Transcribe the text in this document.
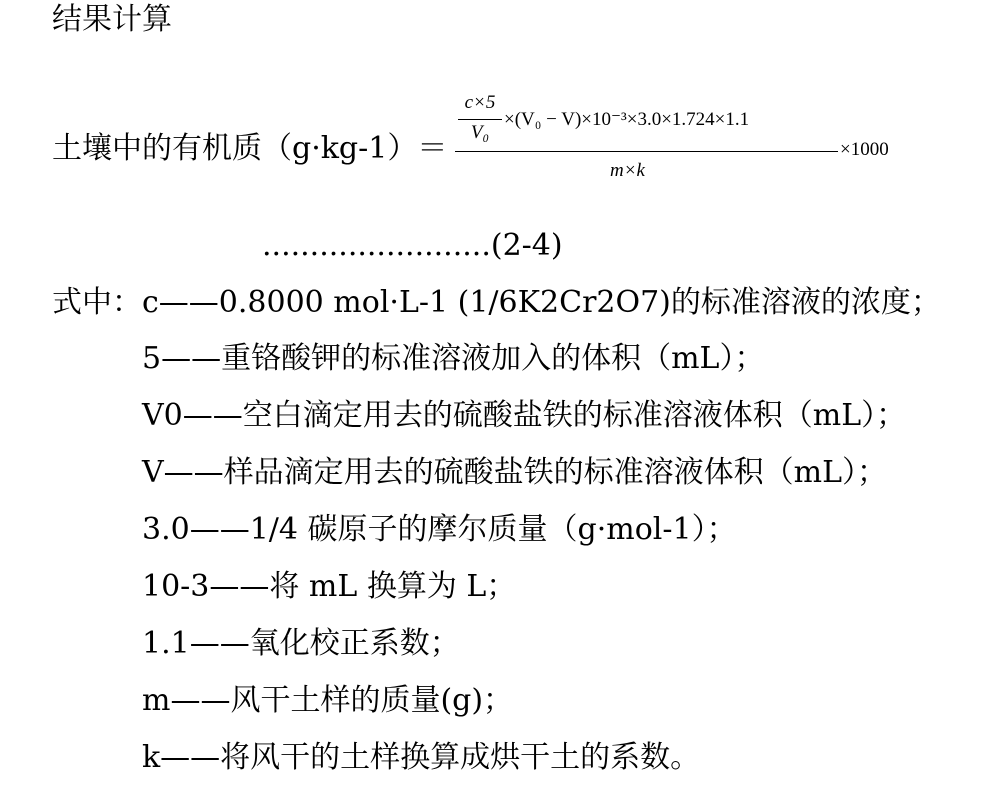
结果计算
土壤中的有机质（g·kg-1）＝
c×5
V₀
×(V₀ − V)×10⁻³×3.0×1.724×1.1
m×k
×1000
........................(2-4)
式中：c——0.8000 mol·L-1 (1/6K2Cr2O7)的标准溶液的浓度；
5——重铬酸钾的标准溶液加入的体积（mL）；
V0——空白滴定用去的硫酸盐铁的标准溶液体积（mL）；
V——样品滴定用去的硫酸盐铁的标准溶液体积（mL）；
3.0——1/4 碳原子的摩尔质量（g·mol-1）；
10-3——将 mL 换算为 L；
1.1——氧化校正系数；
m——风干土样的质量(g)；
k——将风干的土样换算成烘干土的系数。
